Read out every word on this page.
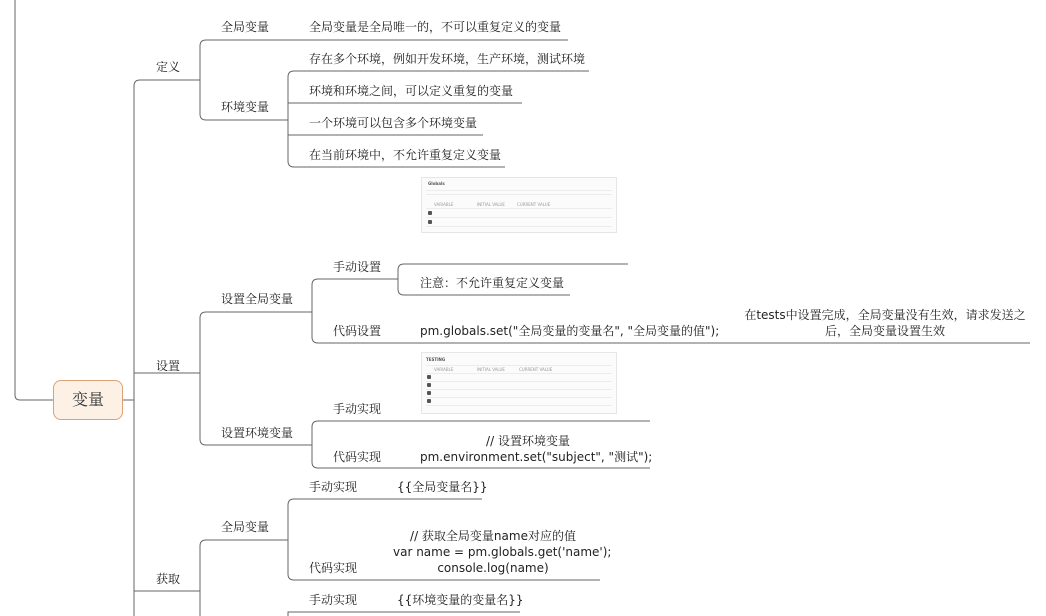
变量
定义
设置
获取
全局变量	全局变量是全局唯一的，不可以重复定义的变量
环境变量
存在多个环境，例如开发环境，生产环境，测试环境
环境和环境之间，可以定义重复的变量
一个环境可以包含多个环境变量
在当前环境中，不允许重复定义变量
Globals
VARIABLE	INITIAL VALUE	CURRENT VALUE
设置全局变量
手动设置
注意：不允许重复定义变量
代码设置	pm.globals.set("全局变量的变量名", "全局变量的值");
在tests中设置完成，全局变量没有生效，请求发送之
后，全局变量设置生效
TESTING
VARIABLE	INITIAL VALUE	CURRENT VALUE
设置环境变量
手动实现
代码实现
// 设置环境变量
pm.environment.set("subject", "测试");
全局变量
手动实现	{{全局变量名}}
代码实现
// 获取全局变量name对应的值
var name = pm.globals.get('name');
console.log(name)
手动实现	{{环境变量的变量名}}
